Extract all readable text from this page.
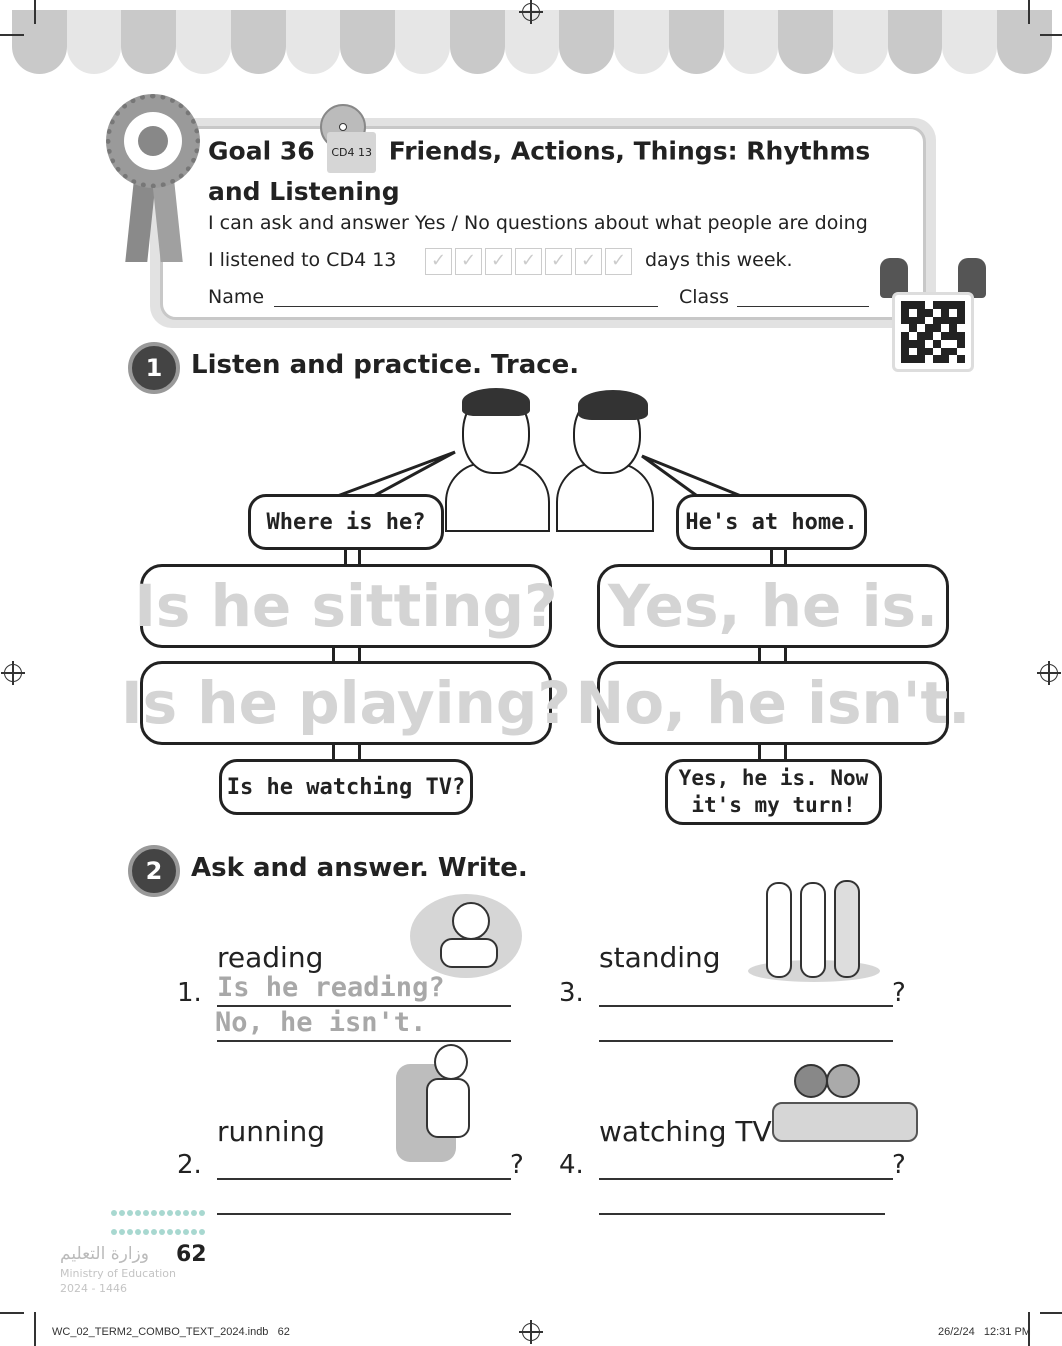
Goal 36 CD4 13 Friends, Actions, Things: Rhythms and Listening
I can ask and answer Yes / No questions about what people are doing
I listened to CD4 13	✓ ✓ ✓ ✓ ✓ ✓ ✓ days this week.
Name	Class
1	Listen and practice. Trace.
Where is he?	He's at home.
Is he sitting? Yes, he is.
Is he playing? No, he isn't.
Is he watching TV?	Yes, he is. Now
it's my turn!
2	Ask and answer. Write.
reading
1. Is he reading?
No, he isn't.
running
2.	?
standing
3.	?
watching TV
4.	?

وزارة التعليم 62
Ministry of Education
2024 - 1446
WC_02_TERM2_COMBO_TEXT_2024.indb   62	26/2/24   12:31 PM
